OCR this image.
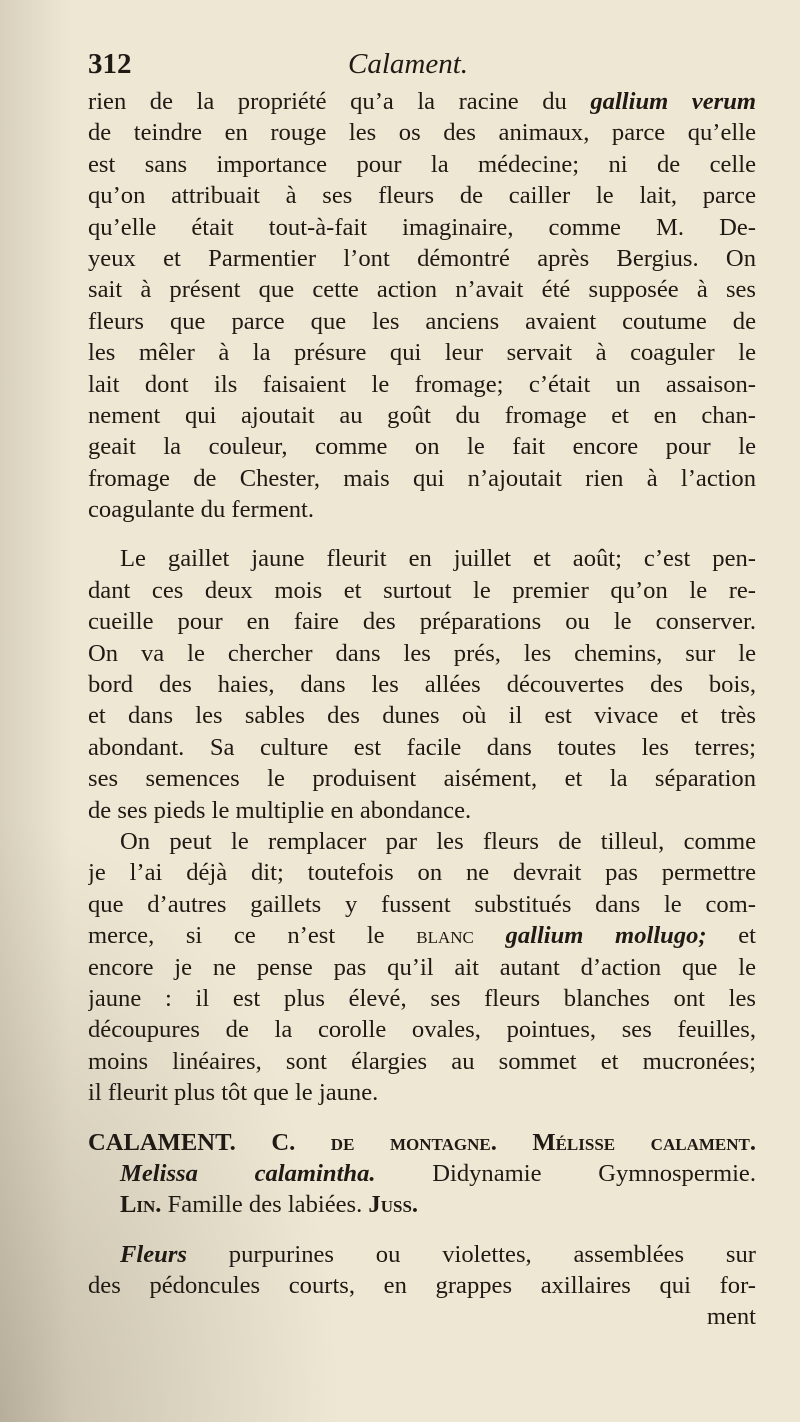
312	Calament.
rien de la propriété qu’a la racine du gallium verum
de teindre en rouge les os des animaux, parce qu’elle
est sans importance pour la médecine; ni de celle
qu’on attribuait à ses fleurs de cailler le lait, parce
qu’elle était tout-à-fait imaginaire, comme M. De-
yeux et Parmentier l’ont démontré après Bergius. On
sait à présent que cette action n’avait été supposée à ses
fleurs que parce que les anciens avaient coutume de
les mêler à la présure qui leur servait à coaguler le
lait dont ils faisaient le fromage; c’était un assaison-
nement qui ajoutait au goût du fromage et en chan-
geait la couleur, comme on le fait encore pour le
fromage de Chester, mais qui n’ajoutait rien à l’action
coagulante du ferment.
Le gaillet jaune fleurit en juillet et août; c’est pen-
dant ces deux mois et surtout le premier qu’on le re-
cueille pour en faire des préparations ou le conserver.
On va le chercher dans les prés, les chemins, sur le
bord des haies, dans les allées découvertes des bois,
et dans les sables des dunes où il est vivace et très
abondant. Sa culture est facile dans toutes les terres;
ses semences le produisent aisément, et la séparation
de ses pieds le multiplie en abondance.
On peut le remplacer par les fleurs de tilleul, comme
je l’ai déjà dit; toutefois on ne devrait pas permettre
que d’autres gaillets y fussent substitués dans le com-
merce, si ce n’est le blanc gallium mollugo; et
encore je ne pense pas qu’il ait autant d’action que le
jaune : il est plus élevé, ses fleurs blanches ont les
découpures de la corolle ovales, pointues, ses feuilles,
moins linéaires, sont élargies au sommet et mucronées;
il fleurit plus tôt que le jaune.
CALAMENT. C. de montagne. Mélisse calament.
Melissa calamintha. Didynamie Gymnospermie.
Lin. Famille des labiées. Juss.
Fleurs purpurines ou violettes, assemblées sur
des pédoncules courts, en grappes axillaires qui for-
ment
